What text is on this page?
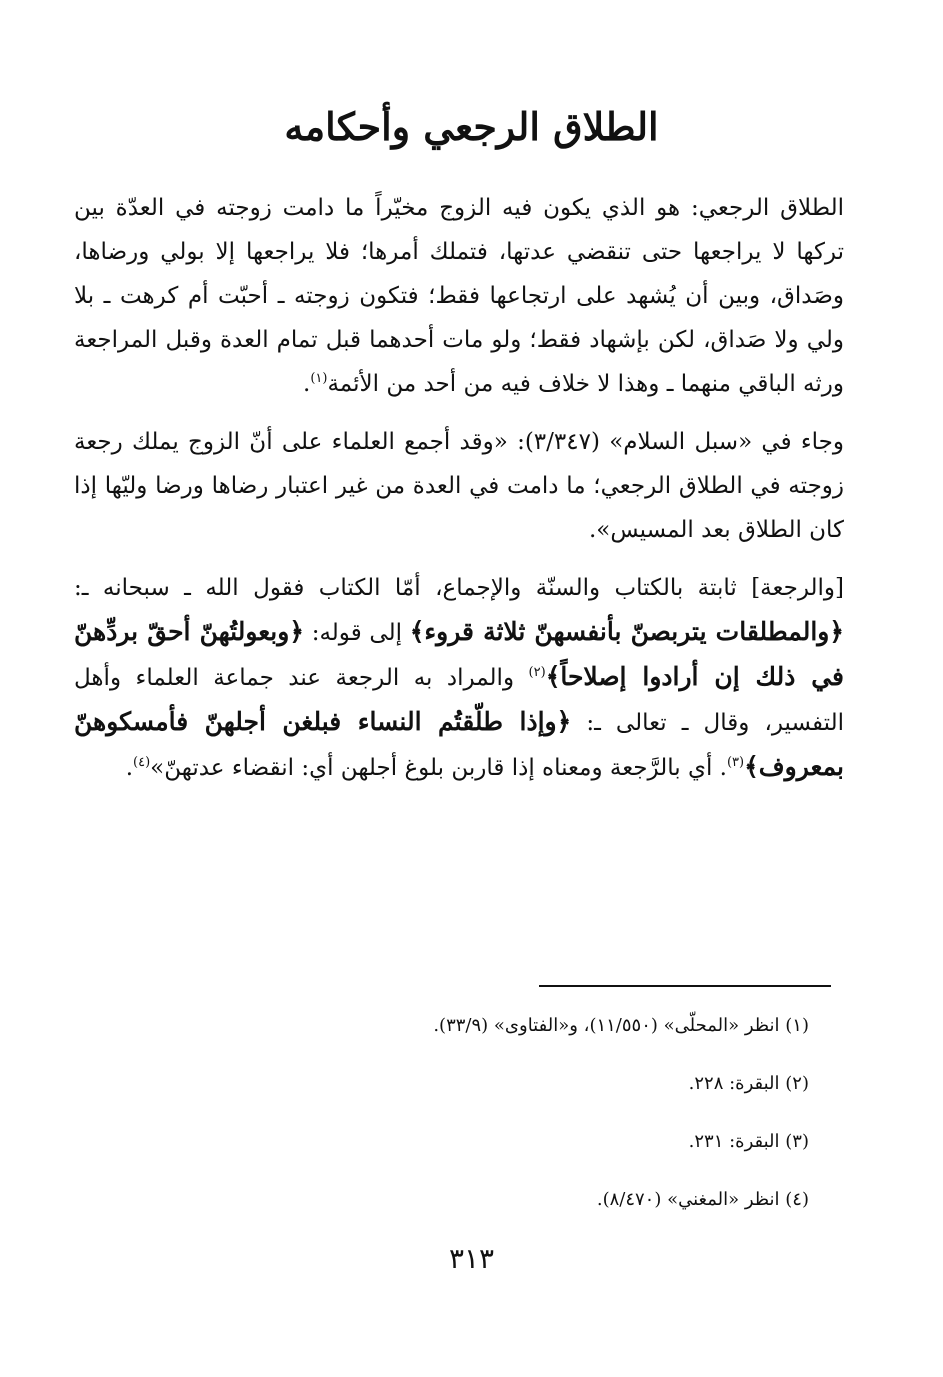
الطلاق الرجعي وأحكامه

الطلاق الرجعي: هو الذي يكون فيه الزوج مخيّراً ما دامت زوجته في العدّة بين تركها لا يراجعها حتى تنقضي عدتها، فتملك أمرها؛ فلا يراجعها إلا بولي ورضاها، وصَداق، وبين أن يُشهد على ارتجاعها فقط؛ فتكون زوجته ـ أحبّت أم كرهت ـ بلا ولي ولا صَداق، لكن بإشهاد فقط؛ ولو مات أحدهما قبل تمام العدة وقبل المراجعة ورثه الباقي منهما ـ وهذا لا خلاف فيه من أحد من الأئمة$^{(١)}$.

وجاء في «سبل السلام» (٣/٣٤٧): «وقد أجمع العلماء على أنّ الزوج يملك رجعة زوجته في الطلاق الرجعي؛ ما دامت في العدة من غير اعتبار رضاها ورضا وليّها إذا كان الطلاق بعد المسيس».

[والرجعة] ثابتة بالكتاب والسنّة والإجماع، أمّا الكتاب فقول الله ـ سبحانه ـ: ﴿والمطلقات يتربصنّ بأنفسهنّ ثلاثة قروء﴾ إلى قوله: ﴿وبعولتُهنّ أحقّ بردِّهنّ في ذلك إن أرادوا إصلاحاً﴾$^{(٢)}$ والمراد به الرجعة عند جماعة العلماء وأهل التفسير، وقال ـ تعالى ـ: ﴿وإذا طلّقتُم النساء فبلغن أجلهنّ فأمسكوهنّ بمعروف﴾$^{(٣)}$. أي بالرَّجعة ومعناه إذا قاربن بلوغ أجلهن أي: انقضاء عدتهنّ»$^{(٤)}$.

(١) انظر «المحلّى» (١١/٥٥٠)، و«الفتاوى» (٣٣/٩).
(٢) البقرة: ٢٢٨.
(٣) البقرة: ٢٣١.
(٤) انظر «المغني» (٨/٤٧٠).
٣١٣
